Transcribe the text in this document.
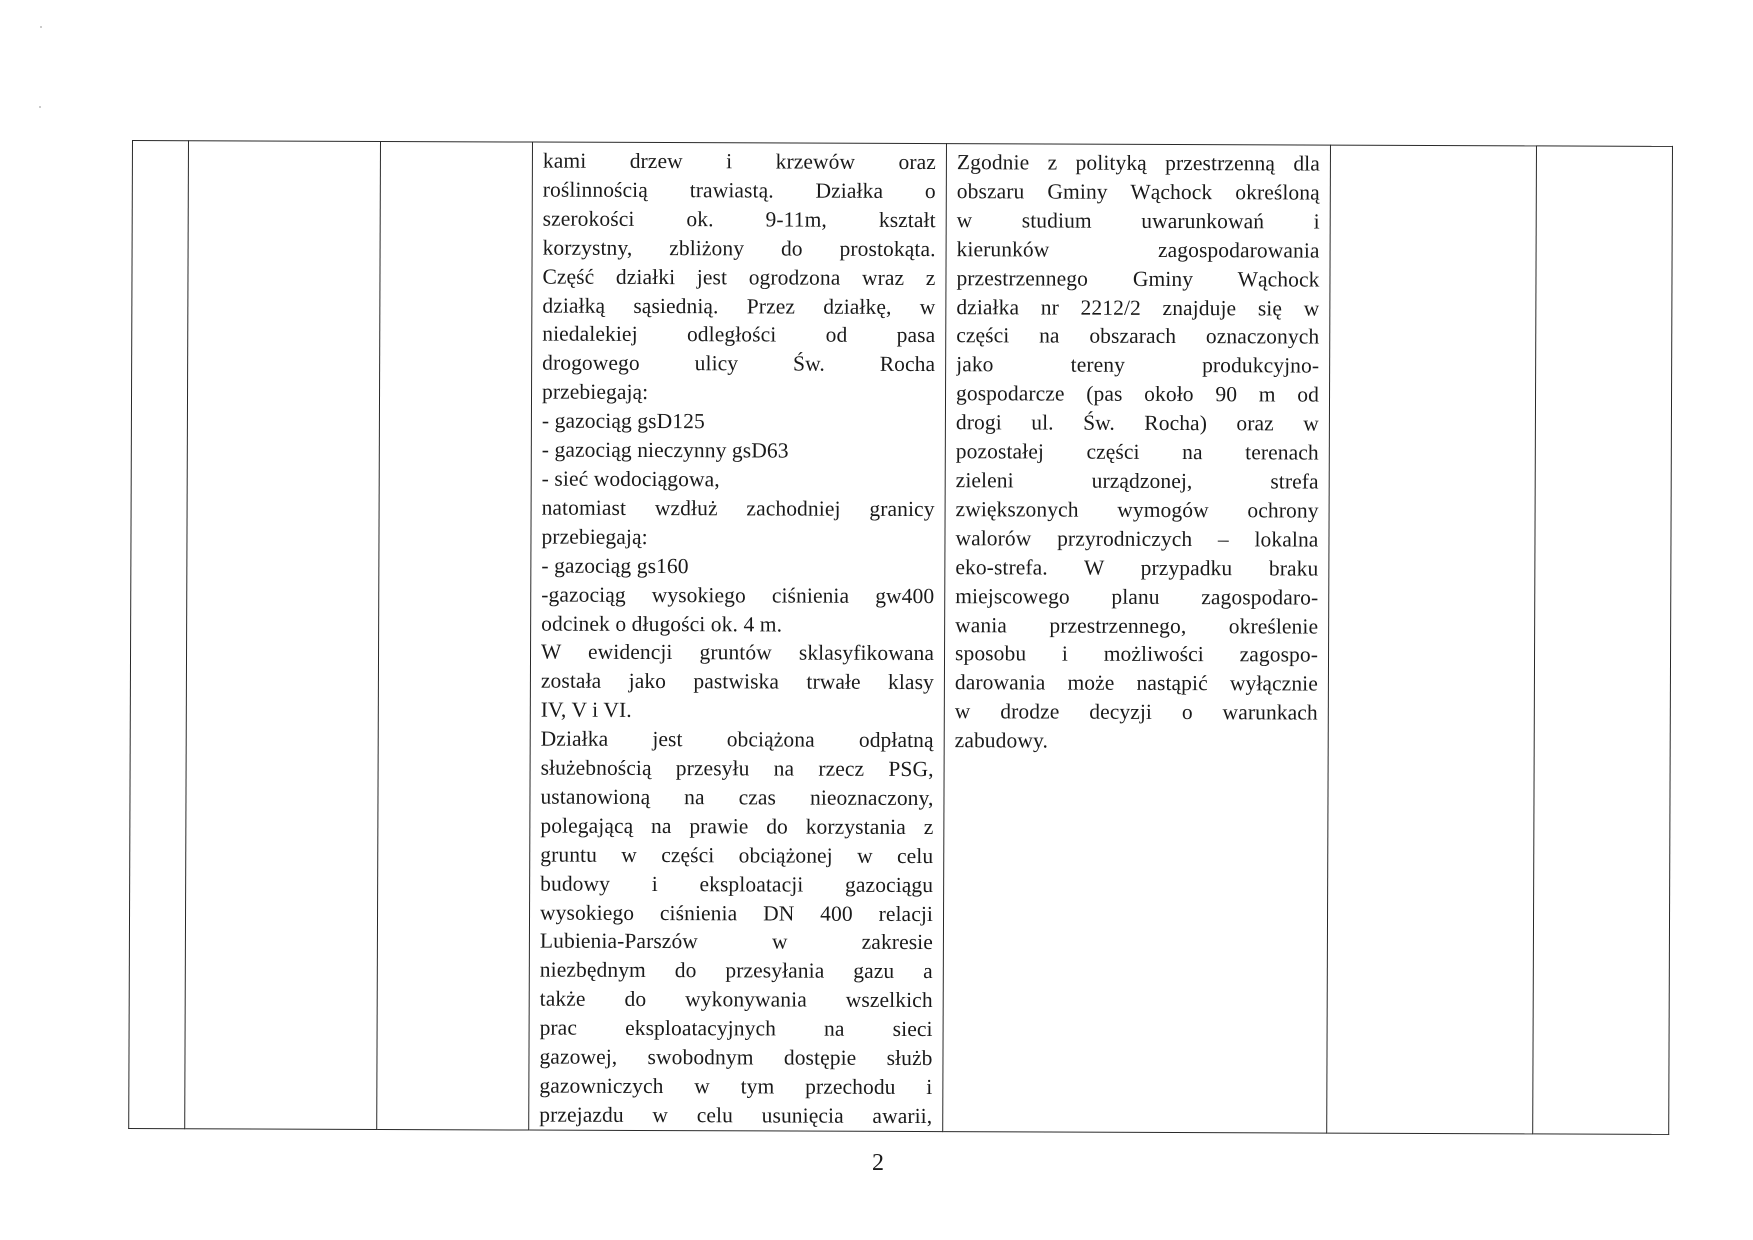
kami drzew i krzewów oraz
roślinnością trawiastą. Działka o
szerokości ok. 9-11m, kształt
korzystny, zbliżony do prostokąta.
Część działki jest ogrodzona wraz z
działką sąsiednią. Przez działkę, w
niedalekiej odległości od pasa
drogowego ulicy Św. Rocha
przebiegają:
- gazociąg gsD125
- gazociąg nieczynny gsD63
- sieć wodociągowa,
natomiast wzdłuż zachodniej granicy
przebiegają:
- gazociąg gs160
-gazociąg wysokiego ciśnienia gw400
odcinek o długości ok. 4 m.
W ewidencji gruntów sklasyfikowana
została jako pastwiska trwałe klasy
IV, V i VI.
Działka jest obciążona odpłatną
służebnością przesyłu na rzecz PSG,
ustanowioną na czas nieoznaczony,
polegającą na prawie do korzystania z
gruntu w części obciążonej w celu
budowy i eksploatacji gazociągu
wysokiego ciśnienia DN 400 relacji
Lubienia-Parszów w zakresie
niezbędnym do przesyłania gazu a
także do wykonywania wszelkich
prac eksploatacyjnych na sieci
gazowej, swobodnym dostępie służb
gazowniczych w tym przechodu i
przejazdu w celu usunięcia awarii,

Zgodnie z polityką przestrzenną dla
obszaru Gminy Wąchock określoną
w studium uwarunkowań i
kierunków zagospodarowania
przestrzennego Gminy Wąchock
działka nr 2212/2 znajduje się w
części na obszarach oznaczonych
jako tereny produkcyjno-
gospodarcze (pas około 90 m od
drogi ul. Św. Rocha) oraz w
pozostałej części na terenach
zieleni urządzonej, strefa
zwiększonych wymogów ochrony
walorów przyrodniczych – lokalna
eko-strefa. W przypadku braku
miejscowego planu zagospodaro-
wania przestrzennego, określenie
sposobu i możliwości zagospo-
darowania może nastąpić wyłącznie
w drodze decyzji o warunkach
zabudowy.

2
